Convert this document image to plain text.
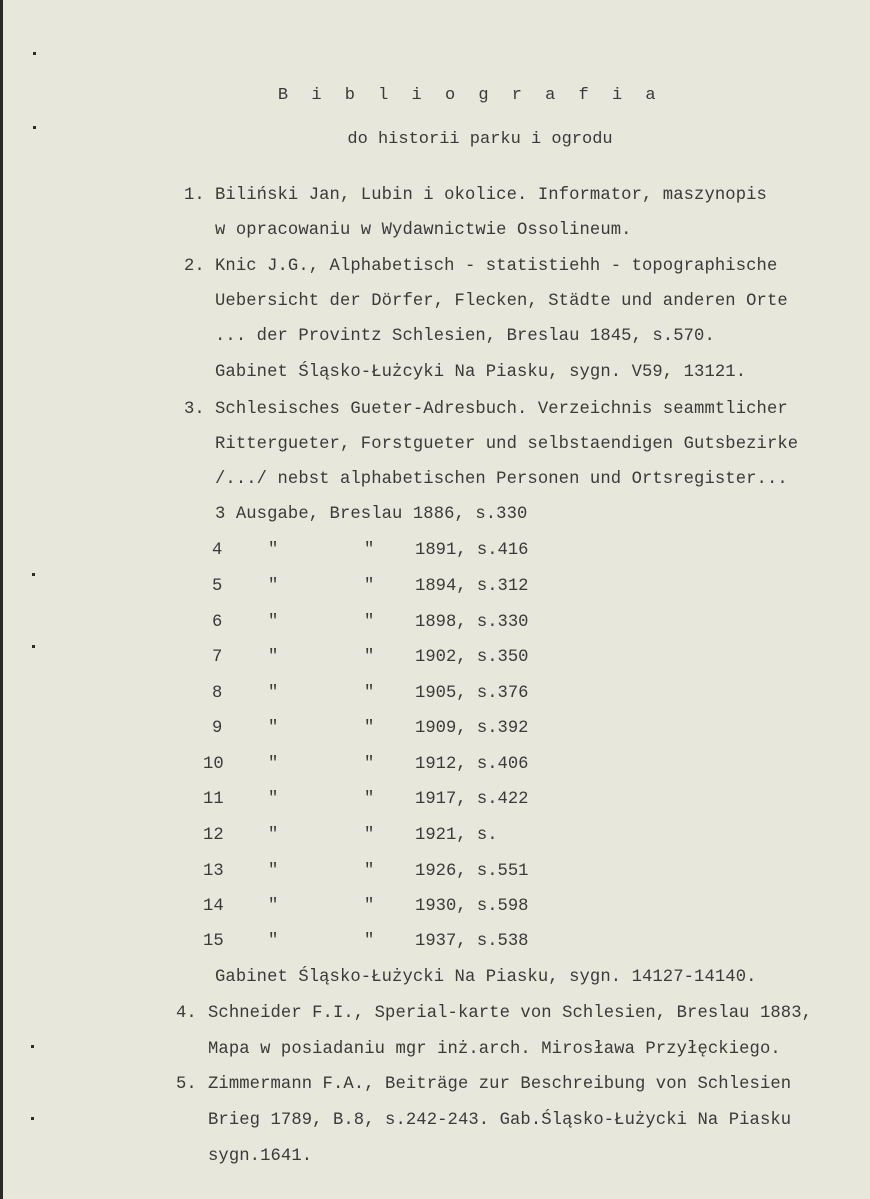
B i b l i o g r a f i a
do historii parku i ogrodu
1. Biliński Jan, Lubin i okolice. Informator, maszynopis
w opracowaniu w Wydawnictwie Ossolineum.
2. Knic J.G., Alphabetisch - statistiehh - topographische
Uebersicht der Dörfer, Flecken, Städte und anderen Orte
... der Provintz Schlesien, Breslau 1845, s.570.
Gabinet Śląsko-Łużcyki Na Piasku, sygn. V59, 13121.
3. Schlesisches Gueter-Adresbuch. Verzeichnis seammtlicher
Rittergueter, Forstgueter und selbstaendigen Gutsbezirke
/.../ nebst alphabetischen Personen und Ortsregister...
3 Ausgabe, Breslau 1886, s.330
4	"	" 1891, s.416
5	"	" 1894, s.312
6	"	" 1898, s.330
7	"	" 1902, s.350
8	"	" 1905, s.376
9	"	" 1909, s.392
10	"	" 1912, s.406
11	"	" 1917, s.422
12	"	" 1921, s.
13	"	" 1926, s.551
14	"	" 1930, s.598
15	"	" 1937, s.538
Gabinet Śląsko-Łużycki Na Piasku, sygn. 14127-14140.
4. Schneider F.I., Sperial-karte von Schlesien, Breslau 1883,
Mapa w posiadaniu mgr inż.arch. Mirosława Przyłęckiego.
5. Zimmermann F.A., Beiträge zur Beschreibung von Schlesien
Brieg 1789, B.8, s.242-243. Gab.Śląsko-Łużycki Na Piasku
sygn.1641.
